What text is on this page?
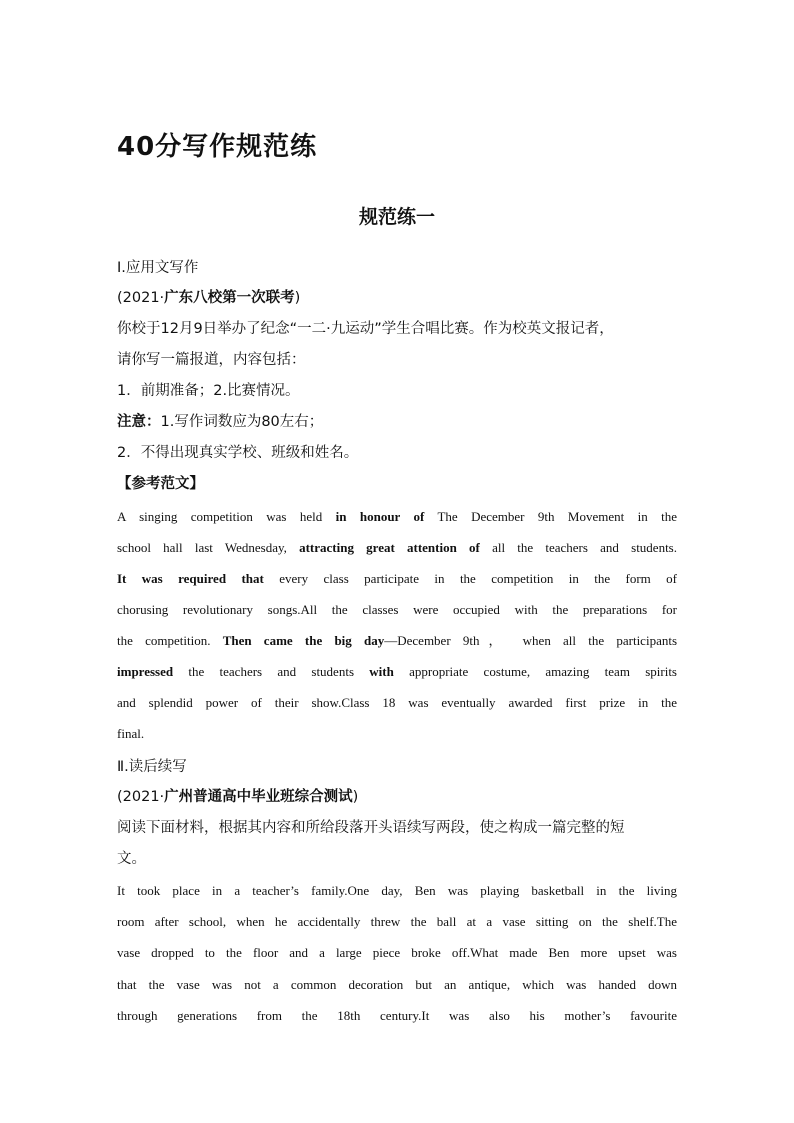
40分写作规范练
规范练一
Ⅰ.应用文写作
(2021·广东八校第一次联考)
你校于12月9日举办了纪念“一二·九运动”学生合唱比赛。作为校英文报记者，
请你写一篇报道，内容包括：
1．前期准备；2.比赛情况。
注意：1.写作词数应为80左右；
2．不得出现真实学校、班级和姓名。
【参考范文】
A singing competition was held in honour of The December 9th Movement in the
school hall last Wednesday, attracting great attention of all the teachers and students.
It was required that every class participate in the competition in the form of
chorusing revolutionary songs.All the classes were occupied with the preparations for
the competition. Then came the big day—December 9th， when all the participants
impressed the teachers and students with appropriate costume, amazing team spirits
and splendid power of their show.Class 18 was eventually awarded first prize in the
final.
Ⅱ.读后续写
(2021·广州普通高中毕业班综合测试)
阅读下面材料，根据其内容和所给段落开头语续写两段，使之构成一篇完整的短
文。
It took place in a teacher’s family.One day, Ben was playing basketball in the living
room after school, when he accidentally threw the ball at a vase sitting on the shelf.The
vase dropped to the floor and a large piece broke off.What made Ben more upset was
that the vase was not a common decoration but an antique, which was handed down
through generations from the 18th century.It was also his mother’s favourite
